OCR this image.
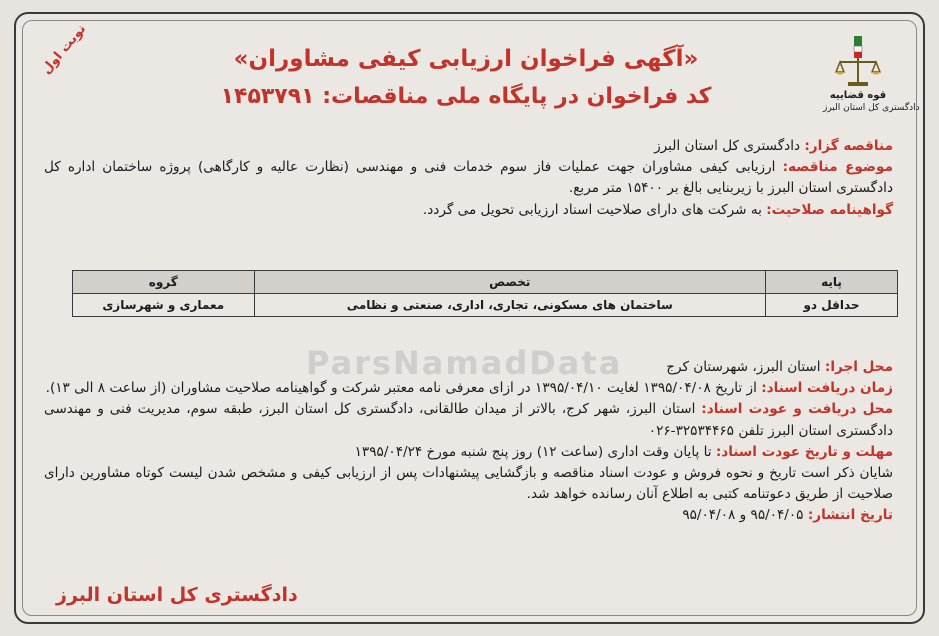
نوبت اول
قوه قضاییه
دادگستری کل استان البرز
«آگهی فراخوان ارزیابی کیفی مشاوران»
کد فراخوان در پایگاه ملی مناقصات: ۱۴۵۳۷۹۱

مناقصه گزار: دادگستری کل استان البرز

موضوع مناقصه: ارزیابی کیفی مشاوران جهت عملیات فاز سوم خدمات فنی و مهندسی (نظارت عالیه و کارگاهی) پروژه ساختمان اداره کل دادگستری استان البرز با زیربنایی بالغ بر ۱۵۴۰۰ متر مربع.

گواهینامه صلاحیت: به شرکت های دارای صلاحیت اسناد ارزیابی تحویل می گردد.

پایه	تخصص	گروه
حداقل دو	ساختمان های مسکونی، تجاری، اداری، صنعتی و نظامی	معماری و شهرسازی
ParsNamadData	محل اجرا: استان البرز، شهرستان کرج

زمان دریافت اسناد: از تاریخ ۱۳۹۵/۰۴/۰۸ لغایت ۱۳۹۵/۰۴/۱۰ در ازای معرفی نامه معتبر شرکت و گواهینامه صلاحیت مشاوران (از ساعت ۸ الی ۱۳).

محل دریافت و عودت اسناد: استان البرز، شهر کرج، بالاتر از میدان طالقانی، دادگستری کل استان البرز، طبقه سوم، مدیریت فنی و مهندسی دادگستری استان البرز تلفن ۳۲۵۳۴۴۶۵-۰۲۶

مهلت و تاریخ عودت اسناد: تا پایان وقت اداری (ساعت ۱۲) روز پنج شنبه مورخ ۱۳۹۵/۰۴/۲۴

شایان ذکر است تاریخ و نحوه فروش و عودت اسناد مناقصه و بازگشایی پیشنهادات پس از ارزیابی کیفی و مشخص شدن لیست کوتاه مشاورین دارای صلاحیت از طریق دعوتنامه کتبی به اطلاع آنان رسانده خواهد شد.

تاریخ انتشار: ۹۵/۰۴/۰۵ و ۹۵/۰۴/۰۸

دادگستری کل استان البرز
